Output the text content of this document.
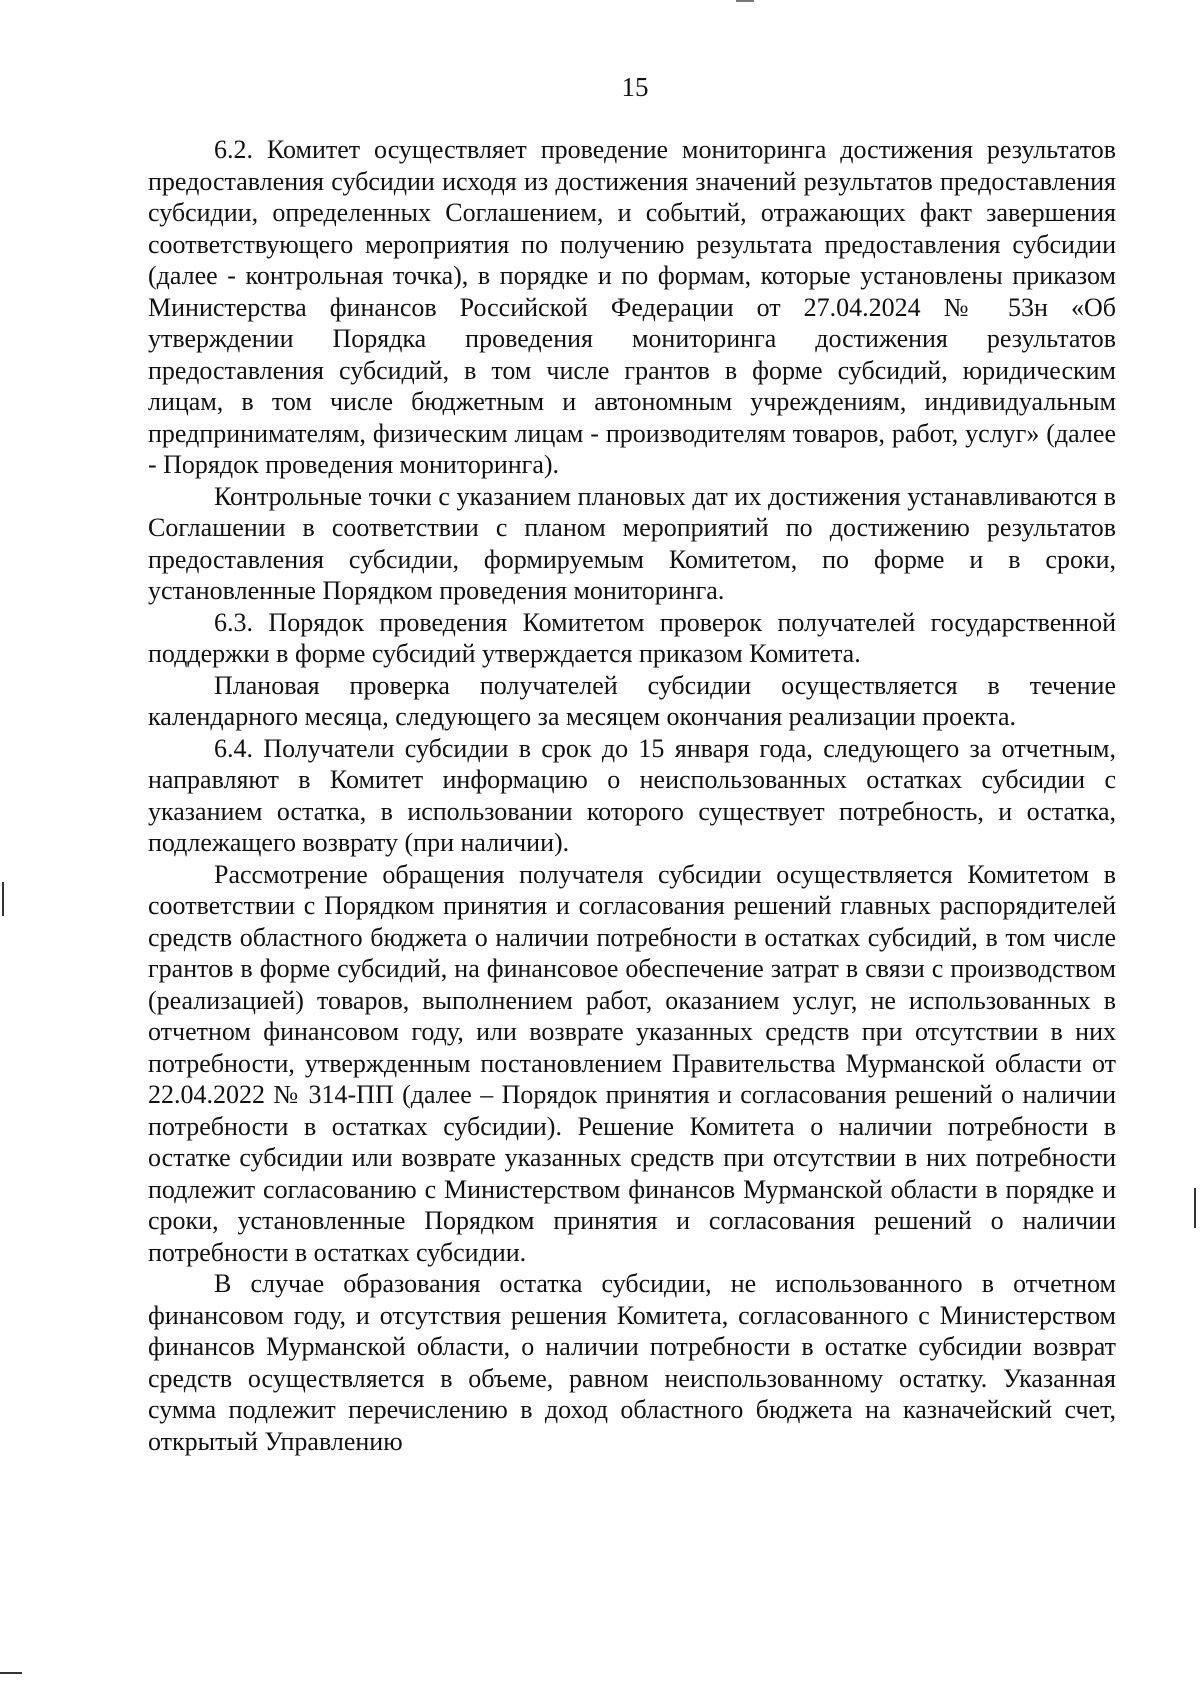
15

6.2. Комитет осуществляет проведение мониторинга достижения результатов предоставления субсидии исходя из достижения значений результатов предоставления субсидии, определенных Соглашением, и событий, отражающих факт завершения соответствующего мероприятия по получению результата предоставления субсидии (далее - контрольная точка), в порядке и по формам, которые установлены приказом Министерства финансов Российской Федерации от 27.04.2024 № 53н «Об утверждении Порядка проведения мониторинга достижения результатов предоставления субсидий, в том числе грантов в форме субсидий, юридическим лицам, в том числе бюджетным и автономным учреждениям, индивидуальным предпринимателям, физическим лицам - производителям товаров, работ, услуг» (далее - Порядок проведения мониторинга).

Контрольные точки с указанием плановых дат их достижения устанавливаются в Соглашении в соответствии с планом мероприятий по достижению результатов предоставления субсидии, формируемым Комитетом, по форме и в сроки, установленные Порядком проведения мониторинга.

6.3. Порядок проведения Комитетом проверок получателей государственной поддержки в форме субсидий утверждается приказом Комитета.

Плановая проверка получателей субсидии осуществляется в течение календарного месяца, следующего за месяцем окончания реализации проекта.

6.4. Получатели субсидии в срок до 15 января года, следующего за отчетным, направляют в Комитет информацию о неиспользованных остатках субсидии с указанием остатка, в использовании которого существует потребность, и остатка, подлежащего возврату (при наличии).

Рассмотрение обращения получателя субсидии осуществляется Комитетом в соответствии с Порядком принятия и согласования решений главных распорядителей средств областного бюджета о наличии потребности в остатках субсидий, в том числе грантов в форме субсидий, на финансовое обеспечение затрат в связи с производством (реализацией) товаров, выполнением работ, оказанием услуг, не использованных в отчетном финансовом году, или возврате указанных средств при отсутствии в них потребности, утвержденным постановлением Правительства Мурманской области от 22.04.2022 № 314-ПП (далее – Порядок принятия и согласования решений о наличии потребности в остатках субсидии). Решение Комитета о наличии потребности в остатке субсидии или возврате указанных средств при отсутствии в них потребности подлежит согласованию с Министерством финансов Мурманской области в порядке и сроки, установленные Порядком принятия и согласования решений о наличии потребности в остатках субсидии.

В случае образования остатка субсидии, не использованного в отчетном финансовом году, и отсутствия решения Комитета, согласованного с Министерством финансов Мурманской области, о наличии потребности в остатке субсидии возврат средств осуществляется в объеме, равном неиспользованному остатку. Указанная сумма подлежит перечислению в доход областного бюджета на казначейский счет, открытый Управлению
